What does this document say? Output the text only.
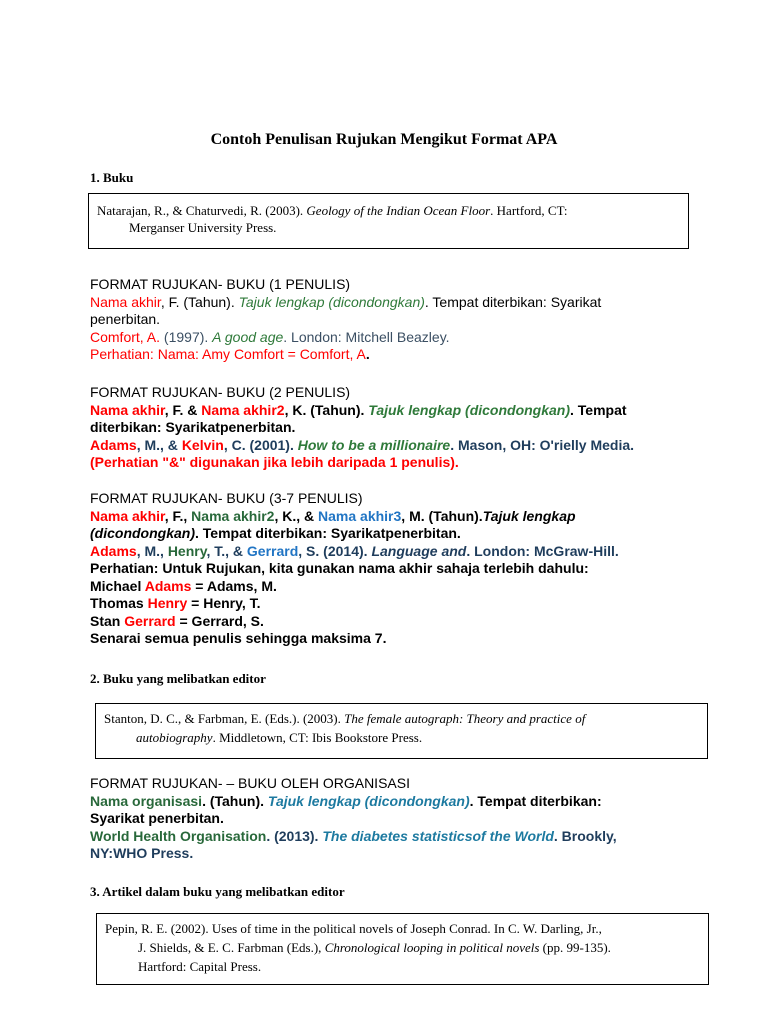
Contoh Penulisan Rujukan Mengikut Format APA
1. Buku
Natarajan, R., & Chaturvedi, R. (2003). Geology of the Indian Ocean Floor. Hartford, CT:
Merganser University Press.

FORMAT RUJUKAN- BUKU (1 PENULIS)

Nama akhir, F. (Tahun). Tajuk lengkap (dicondongkan). Tempat diterbikan: Syarikat

penerbitan.

Comfort, A. (1997). A good age. London: Mitchell Beazley.

Perhatian: Nama: Amy Comfort = Comfort, A.

FORMAT RUJUKAN- BUKU (2 PENULIS)

Nama akhir, F. & Nama akhir2, K. (Tahun). Tajuk lengkap (dicondongkan). Tempat

diterbikan: Syarikatpenerbitan.

Adams, M., & Kelvin, C. (2001). How to be a millionaire. Mason, OH: O'rielly Media.

(Perhatian "&" digunakan jika lebih daripada 1 penulis).

FORMAT RUJUKAN- BUKU (3-7 PENULIS)

Nama akhir, F., Nama akhir2, K., & Nama akhir3, M. (Tahun).Tajuk lengkap

(dicondongkan). Tempat diterbikan: Syarikatpenerbitan.

Adams, M., Henry, T., & Gerrard, S. (2014). Language and. London: McGraw-Hill.

Perhatian: Untuk Rujukan, kita gunakan nama akhir sahaja terlebih dahulu:

Michael Adams = Adams, M.

Thomas Henry = Henry, T.

Stan Gerrard = Gerrard, S.

Senarai semua penulis sehingga maksima 7.

2. Buku yang melibatkan editor
Stanton, D. C., & Farbman, E. (Eds.). (2003). The female autograph: Theory and practice of
autobiography. Middletown, CT: Ibis Bookstore Press.

FORMAT RUJUKAN- – BUKU OLEH ORGANISASI

Nama organisasi. (Tahun). Tajuk lengkap (dicondongkan). Tempat diterbikan:

Syarikat penerbitan.

World Health Organisation. (2013). The diabetes statisticsof the World. Brookly,

NY:WHO Press.

3. Artikel dalam buku yang melibatkan editor
Pepin, R. E. (2002). Uses of time in the political novels of Joseph Conrad. In C. W. Darling, Jr.,
J. Shields, & E. C. Farbman (Eds.), Chronological looping in political novels (pp. 99-135).
Hartford: Capital Press.
